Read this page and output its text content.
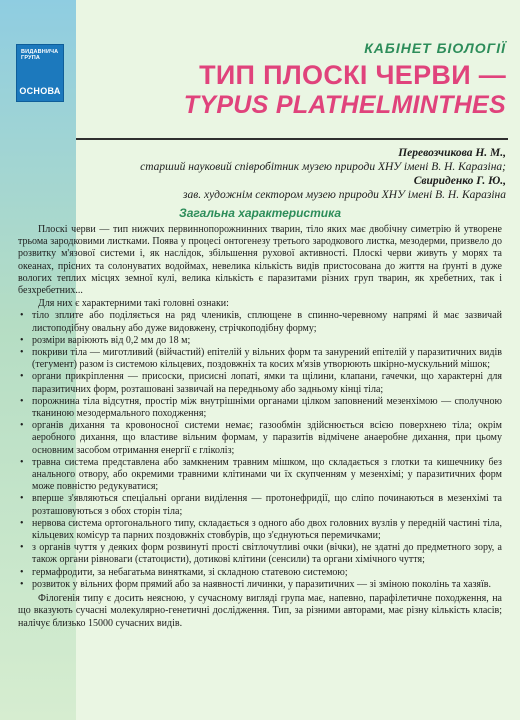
ВИДАВНИЧА
ГРУПА
ОСНОВА

КАБІНЕТ БІОЛОГІЇ

ТИП ПЛОСКІ ЧЕРВИ —

TYPUS PLATHELMINTHES

Перевозчикова Н. М.,
старший науковий співробітник музею природи ХНУ імені В. Н. Каразіна;
Свириденко Г. Ю.,
зав. художнім сектором музею природи ХНУ імені В. Н. Каразіна

Загальна характеристика

Плоскі черви — тип нижчих первиннопорожнинних тварин, тіло яких має двобічну симетрію й утворене трьома зародковими листками. Поява у процесі онтогенезу третього зародкового листка, мезодерми, призвело до розвитку м'язової системи і, як наслідок, збільшення рухової активності. Плоскі черви живуть у морях та океанах, прісних та солонуватих водоймах, невелика кількість видів пристосована до життя на ґрунті в дуже вологих теплих місцях земної кулі, велика кількість є паразитами різних груп тварин, як хребетних, так і безхребетних...

Для них є характерними такі головні ознаки:

• тіло зплите або поділяється на ряд члеників, сплющене в спинно-черевному напрямі й має зазвичай листоподібну овальну або дуже видовжену, стрічкоподібну форму;
• розміри варіюють від 0,2 мм до 18 м;
• покриви тіла — миготливий (війчастий) епітелій у вільних форм та занурений епітелій у паразитичних видів (тегумент) разом із системою кільцевих, поздовжніх та косих м'язів утворюють шкірно-мускульний мішок;
• органи прикріплення — присоски, присисні лопаті, ямки та щілини, клапани, гачечки, що характерні для паразитичних форм, розташовані зазвичай на передньому або задньому кінці тіла;
• порожнина тіла відсутня, простір між внутрішніми органами цілком заповнений мезенхімою — сполучною тканиною мезодермального походження;
• органів дихання та кровоносної системи немає; газообмін здійснюється всією поверхнею тіла; окрім аеробного дихання, що властиве вільним формам, у паразитів відмічене анаеробне дихання, при цьому основним засобом отримання енергії є гліколіз;
• травна система представлена або замкненим травним мішком, що складається з глотки та кишечнику без анального отвору, або окремими травними клітинами чи їх скупченням у мезенхімі; у паразитичних форм може повністю редукуватися;
• вперше з'являються спеціальні органи виділення — протонефридії, що сліпо починаються в мезенхімі та розташовуються з обох сторін тіла;
• нервова система ортогонального типу, складається з одного або двох головних вузлів у передній частині тіла, кільцевих комісур та парних поздовжніх стовбурів, що з'єднуються перемичками;
• з органів чуття у деяких форм розвинуті прості світлочутливі очки (вічки), не здатні до предметного зору, а також органи рівноваги (статоцисти), дотикові клітини (сенсили) та органи хімічного чуття;
• гермафродити, за небагатьма винятками, зі складною статевою системою;
• розвиток у вільних форм прямий або за наявності личинки, у паразитичних — зі зміною поколінь та хазяїв.

Філогенія типу є досить неясною, у сучасному вигляді група має, напевно, парафілетичне походження, на що вказують сучасні молекулярно-генетичні дослідження. Тип, за різними авторами, має різну кількість класів; налічує близько 15000 сучасних видів.
